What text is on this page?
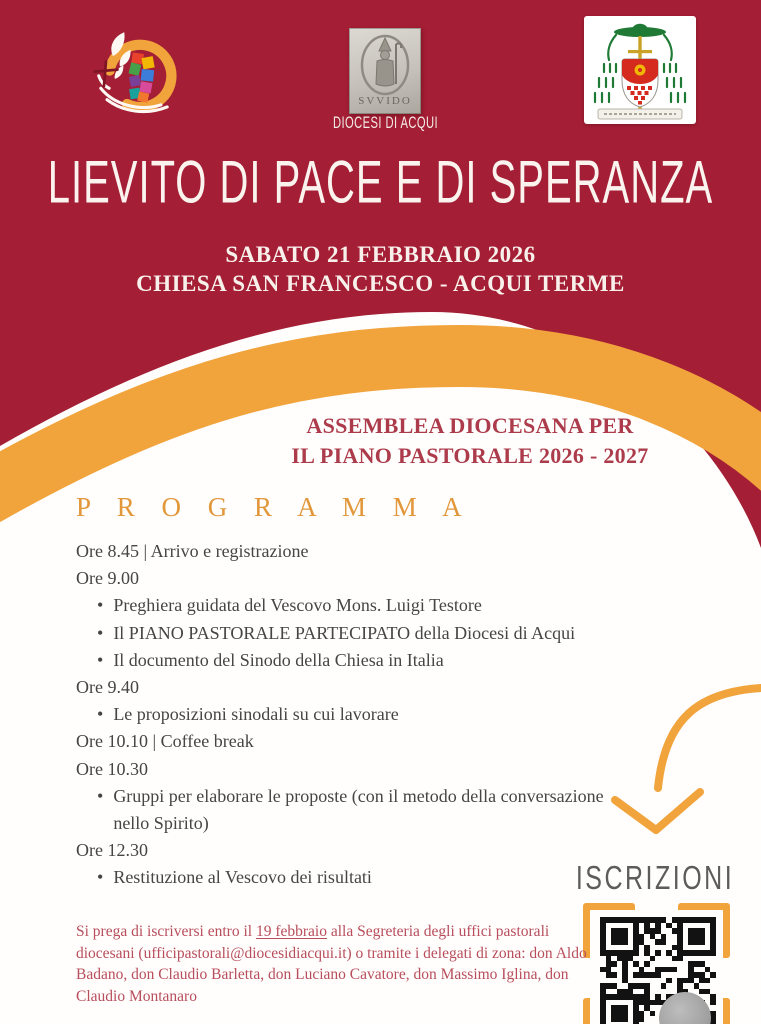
SVVIDO
DIOCESI DI ACQUI
LIEVITO DI PACE E DI SPERANZA
SABATO 21 FEBBRAIO 2026
CHIESA SAN FRANCESCO - ACQUI TERME
ASSEMBLEA DIOCESANA PER
IL PIANO PASTORALE 2026 - 2027
P R O G R A M M A
Ore 8.45 | Arrivo e registrazione
Ore 9.00
• Preghiera guidata del Vescovo Mons. Luigi Testore
• Il PIANO PASTORALE PARTECIPATO della Diocesi di Acqui
• Il documento del Sinodo della Chiesa in Italia
Ore 9.40
• Le proposizioni sinodali su cui lavorare
Ore 10.10 | Coffee break
Ore 10.30
• Gruppi per elaborare le proposte (con il metodo della conversazione nello Spirito)
Ore 12.30
• Restituzione al Vescovo dei risultati	ISCRIZIONI
Si prega di iscriversi entro il 19 febbraio alla Segreteria degli uffici pastorali diocesani (ufficipastorali@diocesidiacqui.it) o tramite i delegati di zona: don Aldo Badano, don Claudio Barletta, don Luciano Cavatore, don Massimo Iglina, don Claudio Montanaro
